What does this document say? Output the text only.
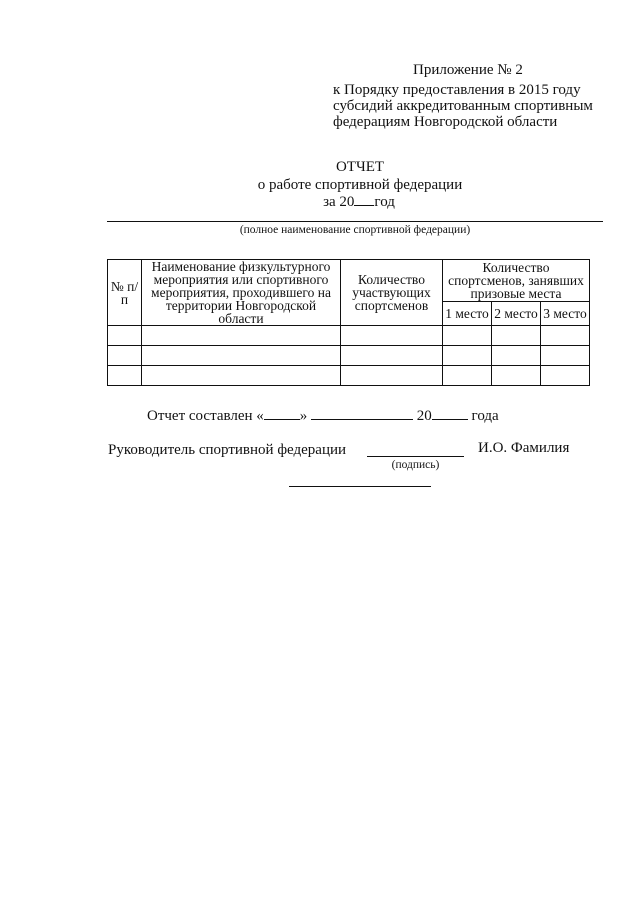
Приложение № 2
к Порядку предоставления в 2015 году
субсидий аккредитованным спортивным
федерациям Новгородской области
ОТЧЕТ
о работе спортивной федерации
за 20 год
(полное наименование спортивной федерации)
№ п/п	Наименование физкультурного мероприятия или спортивного мероприятия, проходившего на территории Новгородской области	Количество участвующих спортсменов	Количество спортсменов, занявших призовые места		
			1 место	2 место	3 место

Отчет составлен « »	20	года
Руководитель спортивной федерации
(подпись)
И.О. Фамилия
